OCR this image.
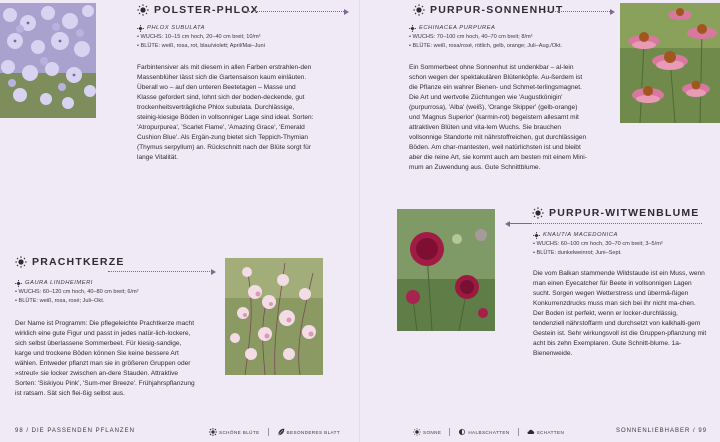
POLSTER-PHLOX
PHLOX SUBULATA
• WUCHS: 10–15 cm hoch, 20–40 cm breit; 10/m²
• BLÜTE: weiß, rosa, rot, blau/violett; April/Mai–Juni
Farbintensiver als mit diesem in allen Farben erstrahlen-den Massenblüher lässt sich die Gartensaison kaum einläuten. Überall wo – auf den unteren Beetetagen – Masse und Klasse gefordert sind, lohnt sich der boden-deckende, gut trockenheitsverträgliche Phlox subulata. Durchlässige, steinig-kiesige Böden in vollsonniger Lage sind ideal. Sorten: 'Atropurpurea', 'Scarlet Flame', 'Amazing Grace', 'Emerald Cushion Blue'. Als Ergän-zung bietet sich Teppich-Thymian (Thymus serpyllum) an. Rückschnitt nach der Blüte sorgt für lange Vitalität.
PRACHTKERZE
GAURA LINDHEIMERI
• WUCHS: 60–120 cm hoch, 40–80 cm breit; 6/m²
• BLÜTE: weiß, rosa, rosé; Juli–Okt.
Der Name ist Programm: Die pflegeleichte Prachtkerze macht wirklich eine gute Figur und passt in jedes natür-lich-lockere, sich selbst überlassene Sommerbeet. Für kiesig-sandige, karge und trockene Böden können Sie keine bessere Art wählen. Entweder pflanzt man sie in größeren Gruppen oder »streut« sie locker zwischen an-dere Stauden. Attraktive Sorten: 'Siskiyou Pink', 'Sum-mer Breeze'. Frühjahrspflanzung ist ratsam. Sät sich flei-ßig selbst aus.
98 / DIE PASSENDEN PFLANZEN	SCHÖNE BLÜTE	BESONDERES BLATT
PURPUR-SONNENHUT
ECHINACEA PURPUREA
• WUCHS: 70–100 cm hoch, 40–70 cm breit; 8/m²
• BLÜTE: weiß, rosa/rosé, rötlich, gelb, orange; Juli–Aug./Okt.
Ein Sommerbeet ohne Sonnenhut ist undenkbar – al-lein schon wegen der spektakulären Blütenköpfe. Au-ßerdem ist die Pflanze ein wahrer Bienen- und Schmet-terlingsmagnet. Die Art und wertvolle Züchtungen wie 'Augustkönigin' (purpurrosa), 'Alba' (weiß), 'Orange Skipper' (gelb-orange) und 'Magnus Superior' (karmin-rot) begeistern allesamt mit attraktiven Blüten und vita-lem Wuchs. Sie brauchen vollsonnige Standorte mit nährstoffreichen, gut durchlässigen Böden. Am char-mantesten, weil natürlichsten ist und bleibt aber die reine Art, sie kommt auch am besten mit einem Mini-mum an Zuwendung aus. Gute Schnittblume.
PURPUR-WITWENBLUME
KNAUTIA MACEDONICA
• WUCHS: 60–100 cm hoch, 30–70 cm breit; 3–5/m²
• BLÜTE: dunkelweinrot; Juni–Sept.
Die vom Balkan stammende Wildstaude ist ein Muss, wenn man einen Eyecatcher für Beete in vollsonnigen Lagen sucht. Sorgen wegen Wetterstress und übermä-ßigen Konkurrenzdrucks muss man sich bei ihr nicht ma-chen. Der Boden ist perfekt, wenn er locker-durchlässig, tendenziell nährstoffarm und durchsetzt von kalkhalti-gem Gestein ist. Sehr wirkungsvoll ist die Gruppen-pflanzung mit acht bis zehn Exemplaren. Gute Schnitt-blume. 1a-Bienenweide.
SONNE	HALBSCHATTEN	SCHATTEN	SONNENLIEBHABER / 99
